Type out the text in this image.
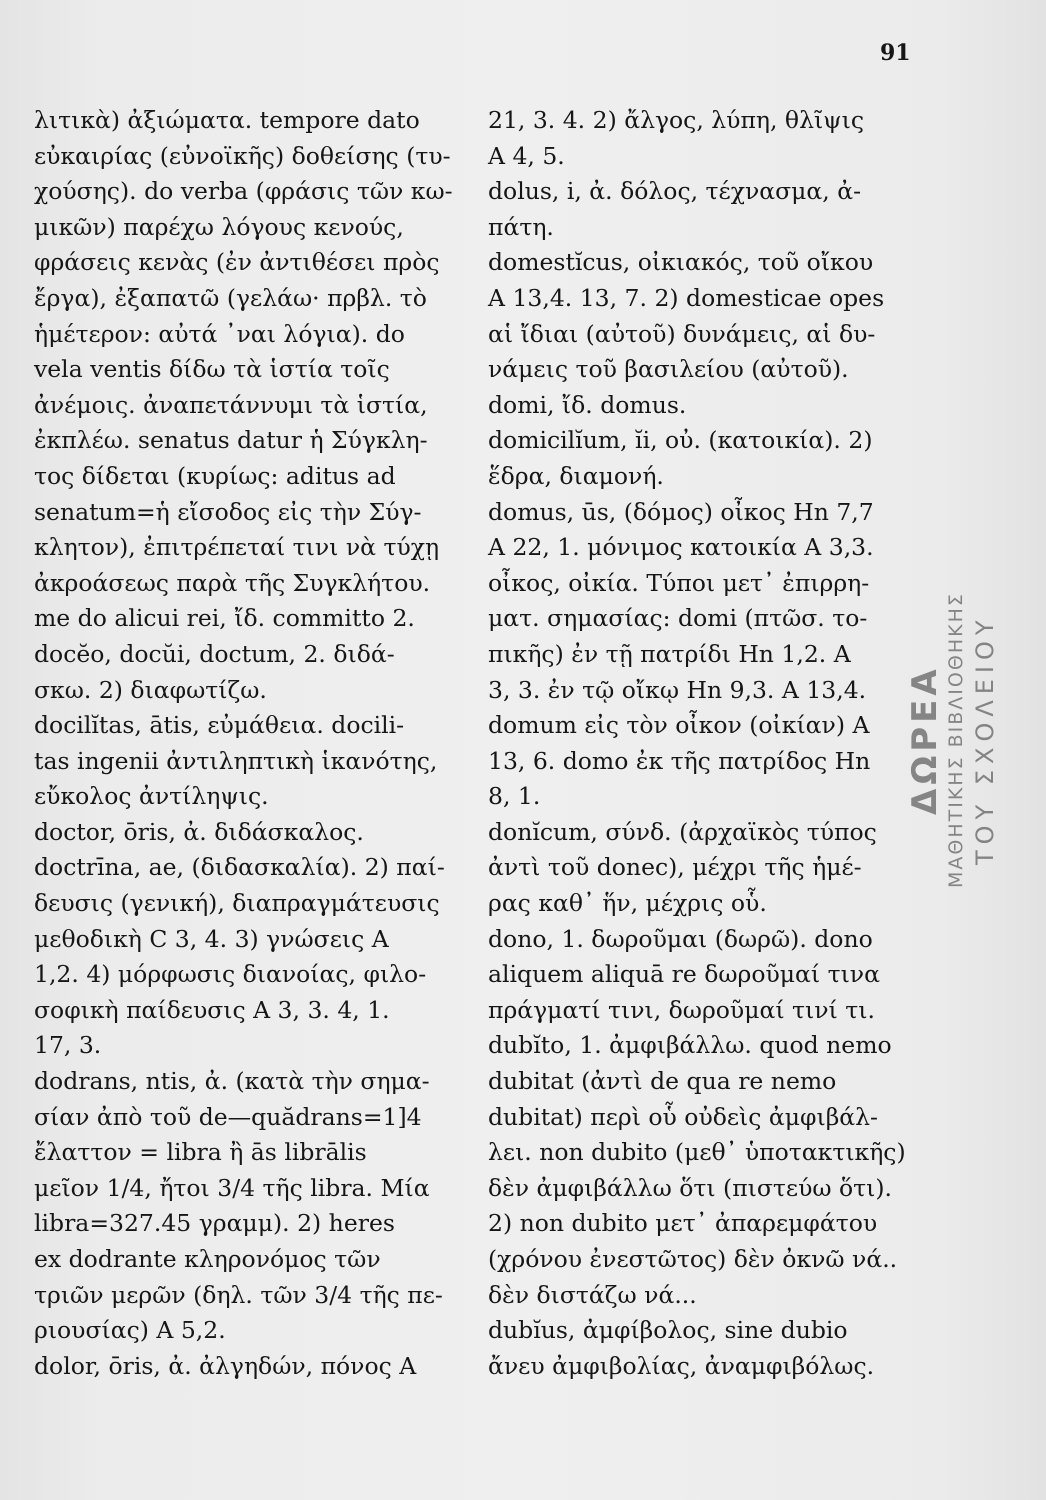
91
λιτικὰ) ἀξιώματα. tempore dato
εὐκαιρίας (εὐνοϊκῆς) δοθείσης (τυ-
χούσης). do verba (φράσις τῶν κω-
μικῶν) παρέχω λόγους κενούς,
φράσεις κενὰς (ἐν ἀντιθέσει πρὸς
ἔργα), ἐξαπατῶ (γελάω· πρβλ. τὸ
ἡμέτερον: αὐτά ᾽ναι λόγια). do
vela ventis δίδω τὰ ἱστία τοῖς
ἀνέμοις. ἀναπετάννυμι τὰ ἱστία,
ἐκπλέω. senatus datur ἡ Σύγκλη-
τος δίδεται (κυρίως: aditus ad
senatum=ἡ εἴσοδος εἰς τὴν Σύγ-
κλητον), ἐπιτρέπεταί τινι νὰ τύχῃ
ἀκροάσεως παρὰ τῆς Συγκλήτου.
me do alicui rei, ἴδ. committo 2.
docĕo, docŭi, doctum, 2. διδά-
σκω. 2) διαφωτίζω.
docilĭtas, ātis, εὐμάθεια. docili-
tas ingenii ἀντιληπτικὴ ἱκανότης,
εὔκολος ἀντίληψις.
doctor, ōris, ἀ. διδάσκαλος.
doctrīna, ae, (διδασκαλία). 2) παί-
δευσις (γενική), διαπραγμάτευσις
μεθοδικὴ C 3, 4. 3) γνώσεις A
1,2. 4) μόρφωσις διανοίας, φιλο-
σοφικὴ παίδευσις A 3, 3. 4, 1.
17, 3.
dodrans, ntis, ἀ. (κατὰ τὴν σημα-
σίαν ἀπὸ τοῦ de—quădrans=1]4
ἔλαττον = libra ἢ ās librālis
μεῖον 1/4, ἤτοι 3/4 τῆς libra. Μία
libra=327.45 γραμμ). 2) heres
ex dodrante κληρονόμος τῶν
τριῶν μερῶν (δηλ. τῶν 3/4 τῆς πε-
ριουσίας) A 5,2.
dolor, ōris, ἀ. ἀλγηδών, πόνος A
21, 3. 4. 2) ἄλγος, λύπη, θλῖψις
A 4, 5.
dolus, i, ἀ. δόλος, τέχνασμα, ἀ-
πάτη.
domestĭcus, οἰκιακός, τοῦ οἴκου
A 13,4. 13, 7. 2) domesticae opes
αἱ ἴδιαι (αὐτοῦ) δυνάμεις, αἱ δυ-
νάμεις τοῦ βασιλείου (αὐτοῦ).
domi, ἴδ. domus.
domicilĭum, ĭi, οὐ. (κατοικία). 2)
ἕδρα, διαμονή.
domus, ūs, (δόμος) οἶκος Hn 7,7
A 22, 1. μόνιμος κατοικία A 3,3.
οἶκος, οἰκία. Τύποι μετ᾽ ἐπιρρη-
ματ. σημασίας: domi (πτῶσ. το-
πικῆς) ἐν τῇ πατρίδι Hn 1,2. A
3, 3. ἐν τῷ οἴκῳ Hn 9,3. A 13,4.
domum εἰς τὸν οἶκον (οἰκίαν) A
13, 6. domo ἐκ τῆς πατρίδος Hn
8, 1.
donĭcum, σύνδ. (ἀρχαϊκὸς τύπος
ἀντὶ τοῦ donec), μέχρι τῆς ἡμέ-
ρας καθ᾽ ἥν, μέχρις οὗ.
dono, 1. δωροῦμαι (δωρῶ). dono
aliquem aliquā re δωροῦμαί τινα
πράγματί τινι, δωροῦμαί τινί τι.
dubĭto, 1. ἀμφιβάλλω. quod nemo
dubitat (ἀντὶ de qua re nemo
dubitat) περὶ οὗ οὐδεὶς ἀμφιβάλ-
λει. non dubito (μεθ᾽ ὑποτακτικῆς)
δὲν ἀμφιβάλλω ὅτι (πιστεύω ὅτι).
2) non dubito μετ᾽ ἀπαρεμφάτου
(χρόνου ἐνεστῶτος) δὲν ὀκνῶ νά..
δὲν διστάζω νά...
dubĭus, ἀμφίβολος, sine dubio
ἄνευ ἀμφιβολίας, ἀναμφιβόλως.
ΔΩΡΕΑ ΜΑΘΗΤΙΚΗΣ ΒΙΒΛΙΟΘΗΚΗΣ ΤΟΥ ΣΧΟΛΕΙΟΥ
